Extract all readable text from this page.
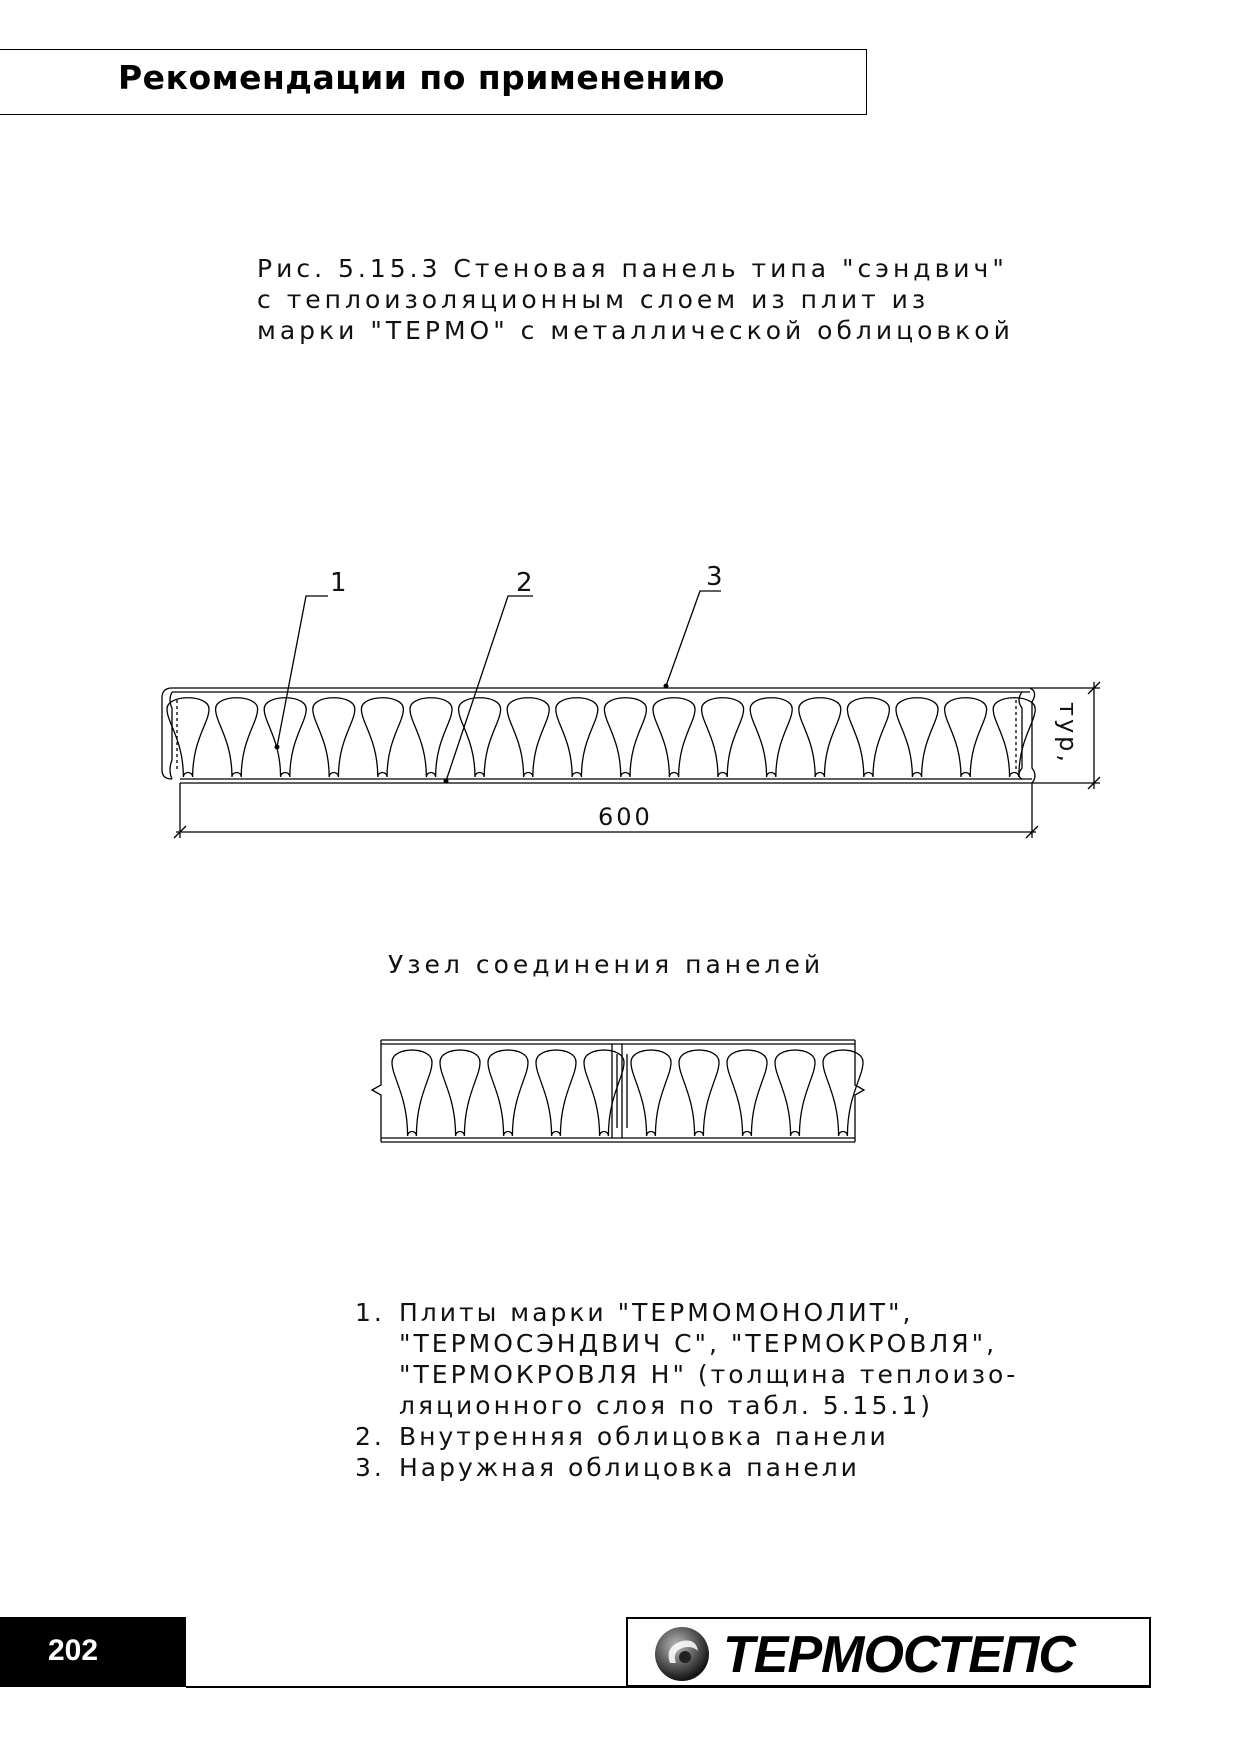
Рекомендации по применению
Рис. 5.15.3 Стеновая панель типа "сэндвич"
с теплоизоляционным слоем из плит из
марки "ТЕРМО" с металлической облицовкой
1	2	3
600
тур,
Узел соединения панелей
1. Плиты марки "ТЕРМОМОНОЛИТ",
"ТЕРМОСЭНДВИЧ С", "ТЕРМОКРОВЛЯ",
"ТЕРМОКРОВЛЯ Н" (толщина теплоизо-
ляционного слоя по табл. 5.15.1)
2. Внутренняя облицовка панели
3. Наружная облицовка панели
202	ТЕРМОСТЕПС
